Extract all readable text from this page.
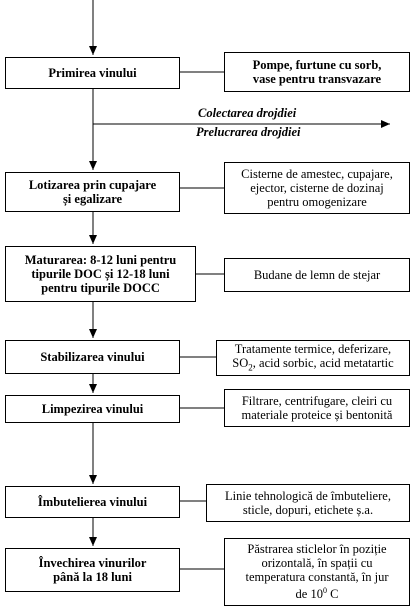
Primirea vinului
Lotizarea prin cupajare
și egalizare
Maturarea: 8-12 luni pentru
tipurile DOC și 12-18 luni
pentru tipurile DOCC
Stabilizarea vinului
Limpezirea vinului
Îmbutelierea vinului
Învechirea vinurilor
până la 18 luni
Pompe, furtune cu sorb,
vase pentru transvazare
Cisterne de amestec, cupajare,
ejector, cisterne de dozinaj
pentru omogenizare
Budane de lemn de stejar
Tratamente termice, deferizare,
$SO_2$, acid sorbic, acid metatartic
Filtrare, centrifugare, cleiri cu
materiale proteice și bentonită
Linie tehnologică de îmbuteliere,
sticle, dopuri, etichete ș.a.
Păstrarea sticlelor în poziție
orizontală, în spații cu
temperatura constantă, în jur
de $10^0$ C
Colectarea drojdiei
Prelucrarea drojdiei
